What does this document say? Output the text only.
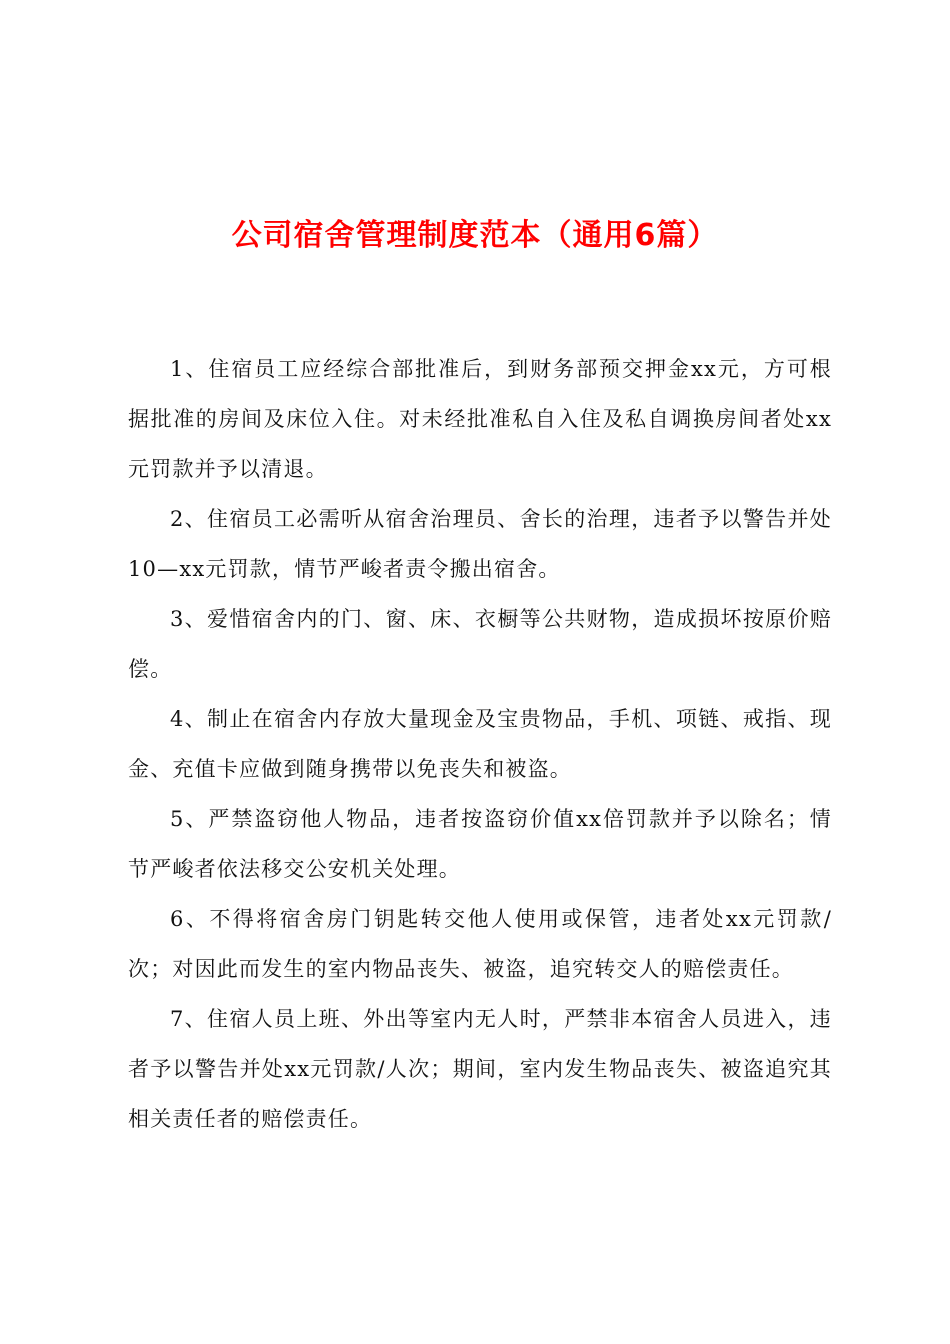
公司宿舍管理制度范本（通用6篇）

1、住宿员工应经综合部批准后，到财务部预交押金xx元，方可根据批准的房间及床位入住。对未经批准私自入住及私自调换房间者处xx元罚款并予以清退。

2、住宿员工必需听从宿舍治理员、舍长的治理，违者予以警告并处10—xx元罚款，情节严峻者责令搬出宿舍。

3、爱惜宿舍内的门、窗、床、衣橱等公共财物，造成损坏按原价赔偿。

4、制止在宿舍内存放大量现金及宝贵物品，手机、项链、戒指、现金、充值卡应做到随身携带以免丧失和被盗。

5、严禁盗窃他人物品，违者按盗窃价值xx倍罚款并予以除名；情节严峻者依法移交公安机关处理。

6、不得将宿舍房门钥匙转交他人使用或保管，违者处xx元罚款/次；对因此而发生的室内物品丧失、被盗，追究转交人的赔偿责任。

7、住宿人员上班、外出等室内无人时，严禁非本宿舍人员进入，违者予以警告并处xx元罚款/人次；期间，室内发生物品丧失、被盗追究其相关责任者的赔偿责任。
